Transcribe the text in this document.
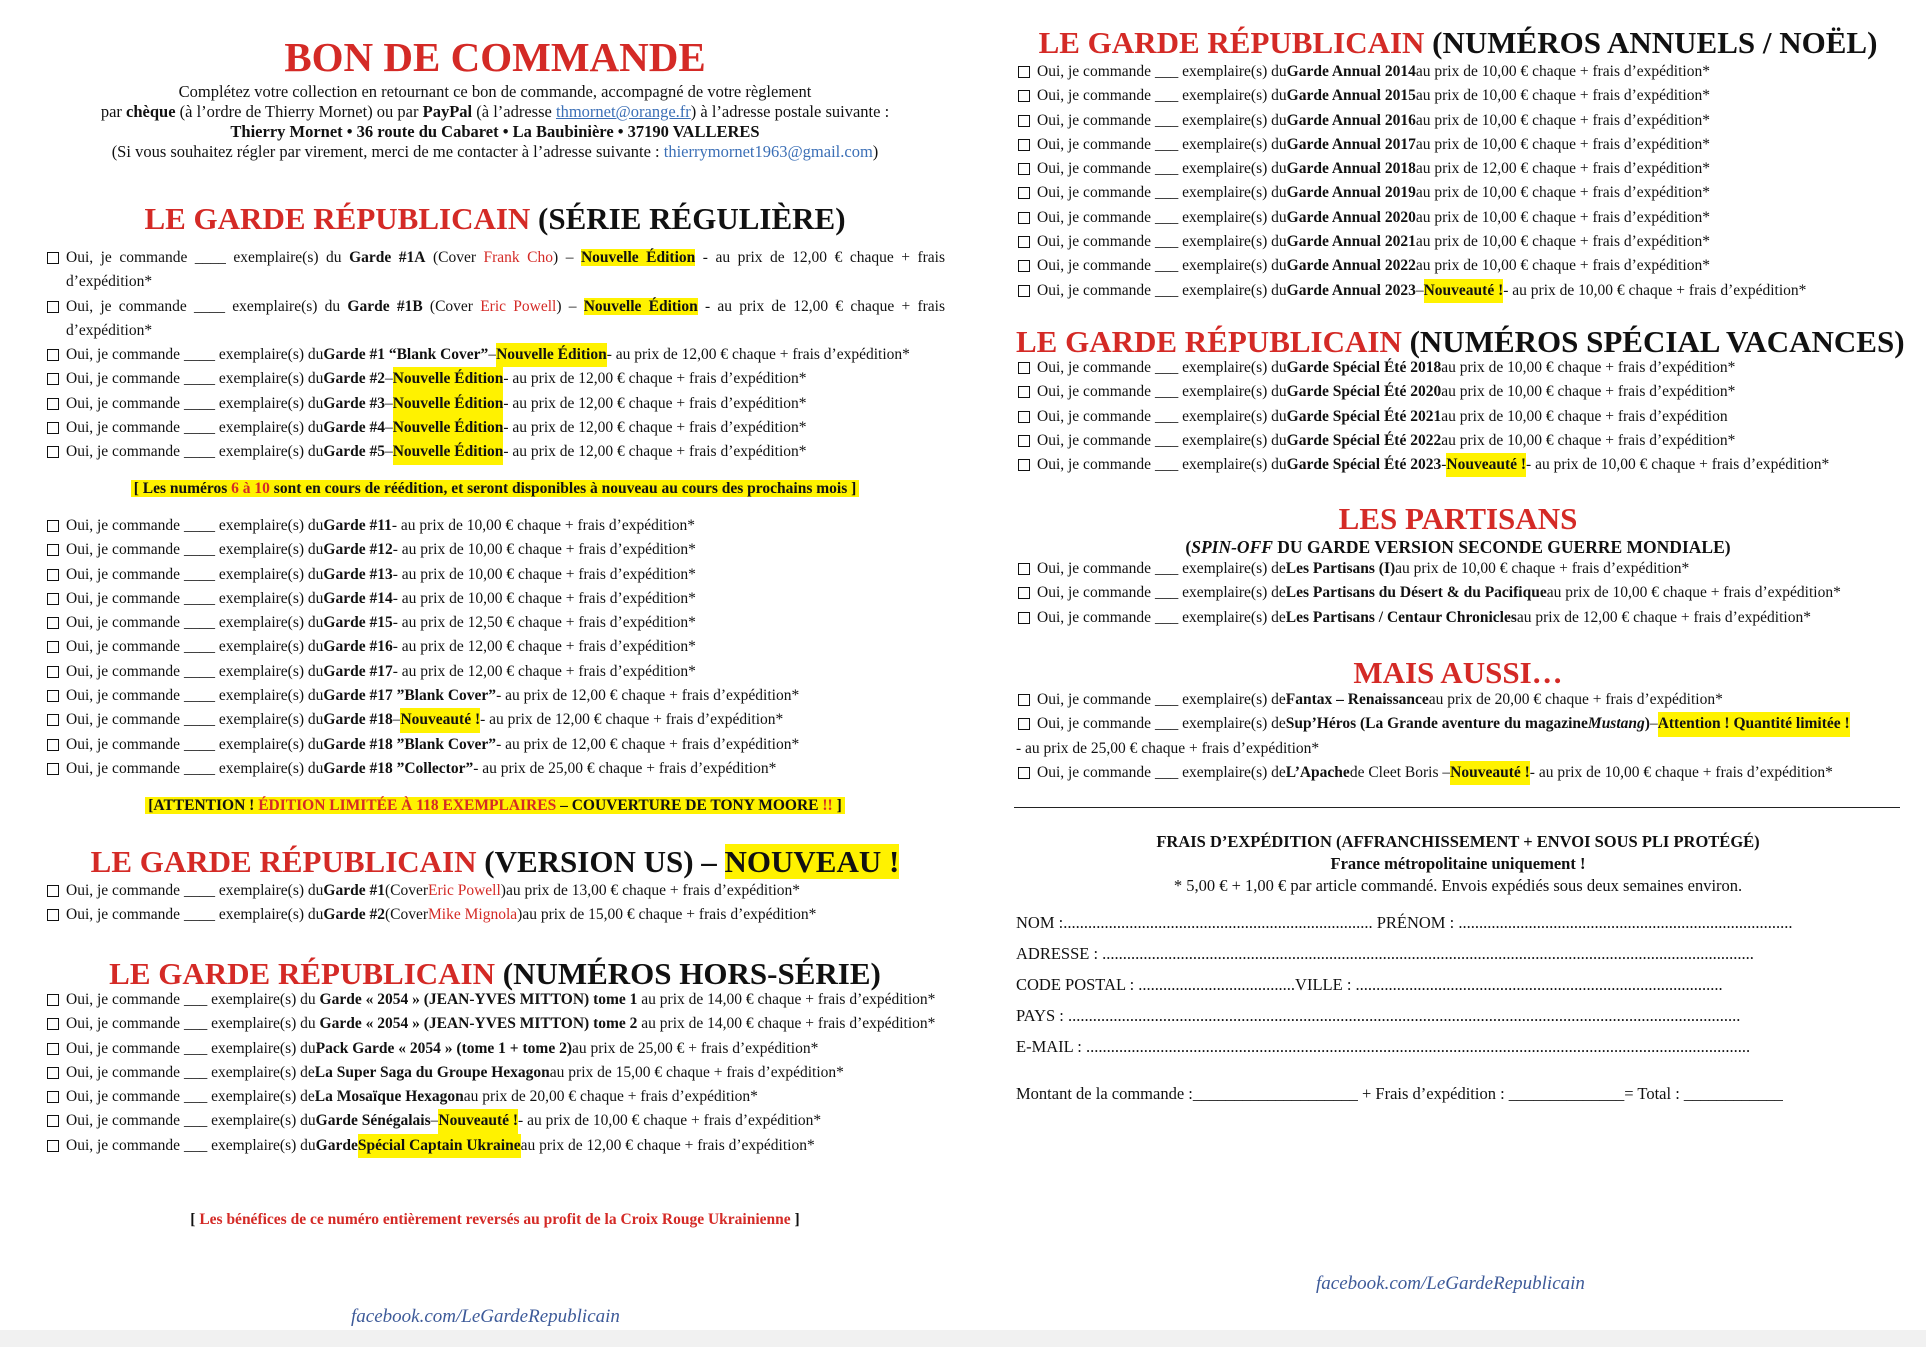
BON DE COMMANDE
Complétez votre collection en retournant ce bon de commande, accompagné de votre règlement
par chèque (à l’ordre de Thierry Mornet) ou par PayPal (à l’adresse thmornet@orange.fr) à l’adresse postale suivante :
Thierry Mornet • 36 route du Cabaret • La Baubinière • 37190 VALLERES
(Si vous souhaitez régler par virement, merci de me contacter à l’adresse suivante : thierrymornet1963@gmail.com)
LE GARDE RÉPUBLICAIN (SÉRIE RÉGULIÈRE)
Oui, je commande ____ exemplaire(s) du Garde #1A (Cover Frank Cho) – Nouvelle Édition - au prix de 12,00 € chaque + frais d’expédition*
Oui, je commande ____ exemplaire(s) du Garde #1B (Cover Eric Powell) – Nouvelle Édition - au prix de 12,00 € chaque + frais d’expédition*
Oui, je commande ____ exemplaire(s) du Garde #1 “Blank Cover” – Nouvelle Édition - au prix de 12,00 € chaque + frais d’expédition*
Oui, je commande ____ exemplaire(s) du Garde #2 – Nouvelle Édition - au prix de 12,00 € chaque + frais d’expédition*
Oui, je commande ____ exemplaire(s) du Garde #3 – Nouvelle Édition - au prix de 12,00 € chaque + frais d’expédition*
Oui, je commande ____ exemplaire(s) du Garde #4 – Nouvelle Édition - au prix de 12,00 € chaque + frais d’expédition*
Oui, je commande ____ exemplaire(s) du Garde #5 – Nouvelle Édition - au prix de 12,00 € chaque + frais d’expédition*
[ Les numéros 6 à 10 sont en cours de réédition, et seront disponibles à nouveau au cours des prochains mois ]
Oui, je commande ____ exemplaire(s) du Garde #11 - au prix de 10,00 € chaque + frais d’expédition*
Oui, je commande ____ exemplaire(s) du Garde #12 - au prix de 10,00 € chaque + frais d’expédition*
Oui, je commande ____ exemplaire(s) du Garde #13 - au prix de 10,00 € chaque + frais d’expédition*
Oui, je commande ____ exemplaire(s) du Garde #14 - au prix de 10,00 € chaque + frais d’expédition*
Oui, je commande ____ exemplaire(s) du Garde #15 - au prix de 12,50 € chaque + frais d’expédition*
Oui, je commande ____ exemplaire(s) du Garde #16 - au prix de 12,00 € chaque + frais d’expédition*
Oui, je commande ____ exemplaire(s) du Garde #17 - au prix de 12,00 € chaque + frais d’expédition*
Oui, je commande ____ exemplaire(s) du Garde #17 ”Blank Cover” - au prix de 12,00 € chaque + frais d’expédition*
Oui, je commande ____ exemplaire(s) du Garde #18 – Nouveauté ! - au prix de 12,00 € chaque + frais d’expédition*
Oui, je commande ____ exemplaire(s) du Garde #18 ”Blank Cover” - au prix de 12,00 € chaque + frais d’expédition*
Oui, je commande ____ exemplaire(s) du Garde #18 ”Collector” - au prix de 25,00 € chaque + frais d’expédition*
[ATTENTION ! ÉDITION LIMITÉE À 118 EXEMPLAIRES – COUVERTURE DE TONY MOORE !! ]
LE GARDE RÉPUBLICAIN (VERSION US) – NOUVEAU !
Oui, je commande ____ exemplaire(s) du Garde #1 (Cover Eric Powell ) au prix de 13,00 € chaque + frais d’expédition*
Oui, je commande ____ exemplaire(s) du Garde #2 (Cover Mike Mignola ) au prix de 15,00 € chaque + frais d’expédition*
LE GARDE RÉPUBLICAIN (NUMÉROS HORS-SÉRIE)
Oui, je commande ___ exemplaire(s) du Garde « 2054 » (JEAN-YVES MITTON) tome 1 au prix de 14,00 € chaque + frais d’expédition*
Oui, je commande ___ exemplaire(s) du Garde « 2054 » (JEAN-YVES MITTON) tome 2 au prix de 14,00 € chaque + frais d’expédition*
Oui, je commande ___ exemplaire(s) du Pack Garde « 2054 » (tome 1 + tome 2) au prix de 25,00 € + frais d’expédition*
Oui, je commande ___ exemplaire(s) de La Super Saga du Groupe Hexagon au prix de 15,00 € chaque + frais d’expédition*
Oui, je commande ___ exemplaire(s) de La Mosaïque Hexagon au prix de 20,00 € chaque + frais d’expédition*
Oui, je commande ___ exemplaire(s) du Garde Sénégalais – Nouveauté ! - au prix de 10,00 € chaque + frais d’expédition*
Oui, je commande ___ exemplaire(s) du Garde Spécial Captain Ukraine au prix de 12,00 € chaque + frais d’expédition*
[ Les bénéfices de ce numéro entièrement reversés au profit de la Croix Rouge Ukrainienne ]
facebook.com/LeGardeRepublicain
LE GARDE RÉPUBLICAIN (NUMÉROS ANNUELS / NOËL)
Oui, je commande ___ exemplaire(s) du Garde Annual 2014 au prix de 10,00 € chaque + frais d’expédition*
Oui, je commande ___ exemplaire(s) du Garde Annual 2015 au prix de 10,00 € chaque + frais d’expédition*
Oui, je commande ___ exemplaire(s) du Garde Annual 2016 au prix de 10,00 € chaque + frais d’expédition*
Oui, je commande ___ exemplaire(s) du Garde Annual 2017 au prix de 10,00 € chaque + frais d’expédition*
Oui, je commande ___ exemplaire(s) du Garde Annual 2018 au prix de 12,00 € chaque + frais d’expédition*
Oui, je commande ___ exemplaire(s) du Garde Annual 2019 au prix de 10,00 € chaque + frais d’expédition*
Oui, je commande ___ exemplaire(s) du Garde Annual 2020 au prix de 10,00 € chaque + frais d’expédition*
Oui, je commande ___ exemplaire(s) du Garde Annual 2021 au prix de 10,00 € chaque + frais d’expédition*
Oui, je commande ___ exemplaire(s) du Garde Annual 2022 au prix de 10,00 € chaque + frais d’expédition*
Oui, je commande ___ exemplaire(s) du Garde Annual 2023 – Nouveauté ! - au prix de 10,00 € chaque + frais d’expédition*
LE GARDE RÉPUBLICAIN (NUMÉROS SPÉCIAL VACANCES)
Oui, je commande ___ exemplaire(s) du Garde Spécial Été 2018 au prix de 10,00 € chaque + frais d’expédition*
Oui, je commande ___ exemplaire(s) du Garde Spécial Été 2020 au prix de 10,00 € chaque + frais d’expédition*
Oui, je commande ___ exemplaire(s) du Garde Spécial Été 2021 au prix de 10,00 € chaque + frais d’expédition
Oui, je commande ___ exemplaire(s) du Garde Spécial Été 2022 au prix de 10,00 € chaque + frais d’expédition*
Oui, je commande ___ exemplaire(s) du Garde Spécial Été 2023 - Nouveauté ! - au prix de 10,00 € chaque + frais d’expédition*
LES PARTISANS
(SPIN-OFF DU GARDE VERSION SECONDE GUERRE MONDIALE)
Oui, je commande ___ exemplaire(s) de Les Partisans (I) au prix de 10,00 € chaque + frais d’expédition*
Oui, je commande ___ exemplaire(s) de Les Partisans du Désert & du Pacifique au prix de 10,00 € chaque + frais d’expédition*
Oui, je commande ___ exemplaire(s) de Les Partisans / Centaur Chronicles au prix de 12,00 € chaque + frais d’expédition*
MAIS AUSSI…
Oui, je commande ___ exemplaire(s) de Fantax – Renaissance au prix de 20,00 € chaque + frais d’expédition*
Oui, je commande ___ exemplaire(s) de Sup’Héros (La Grande aventure du magazine Mustang ) – Attention ! Quantité limitée !
- au prix de 25,00 € chaque + frais d’expédition*
Oui, je commande ___ exemplaire(s) de L’Apache de Cleet Boris – Nouveauté ! - au prix de 10,00 € chaque + frais d’expédition*
FRAIS D’EXPÉDITION (AFFRANCHISSEMENT + ENVOI SOUS PLI PROTÉGÉ)
France métropolitaine uniquement !
* 5,00 € + 1,00 € par article commandé. Envois expédiés sous deux semaines environ.
NOM :........................................................................... PRÉNOM : .................................................................................
ADRESSE : ..............................................................................................................................................................
CODE POSTAL : ......................................VILLE : .........................................................................................
PAYS : ...................................................................................................................................................................
E-MAIL : .................................................................................................................................................................
Montant de la commande :____________________ + Frais d’expédition : ______________= Total : ____________
facebook.com/LeGardeRepublicain
